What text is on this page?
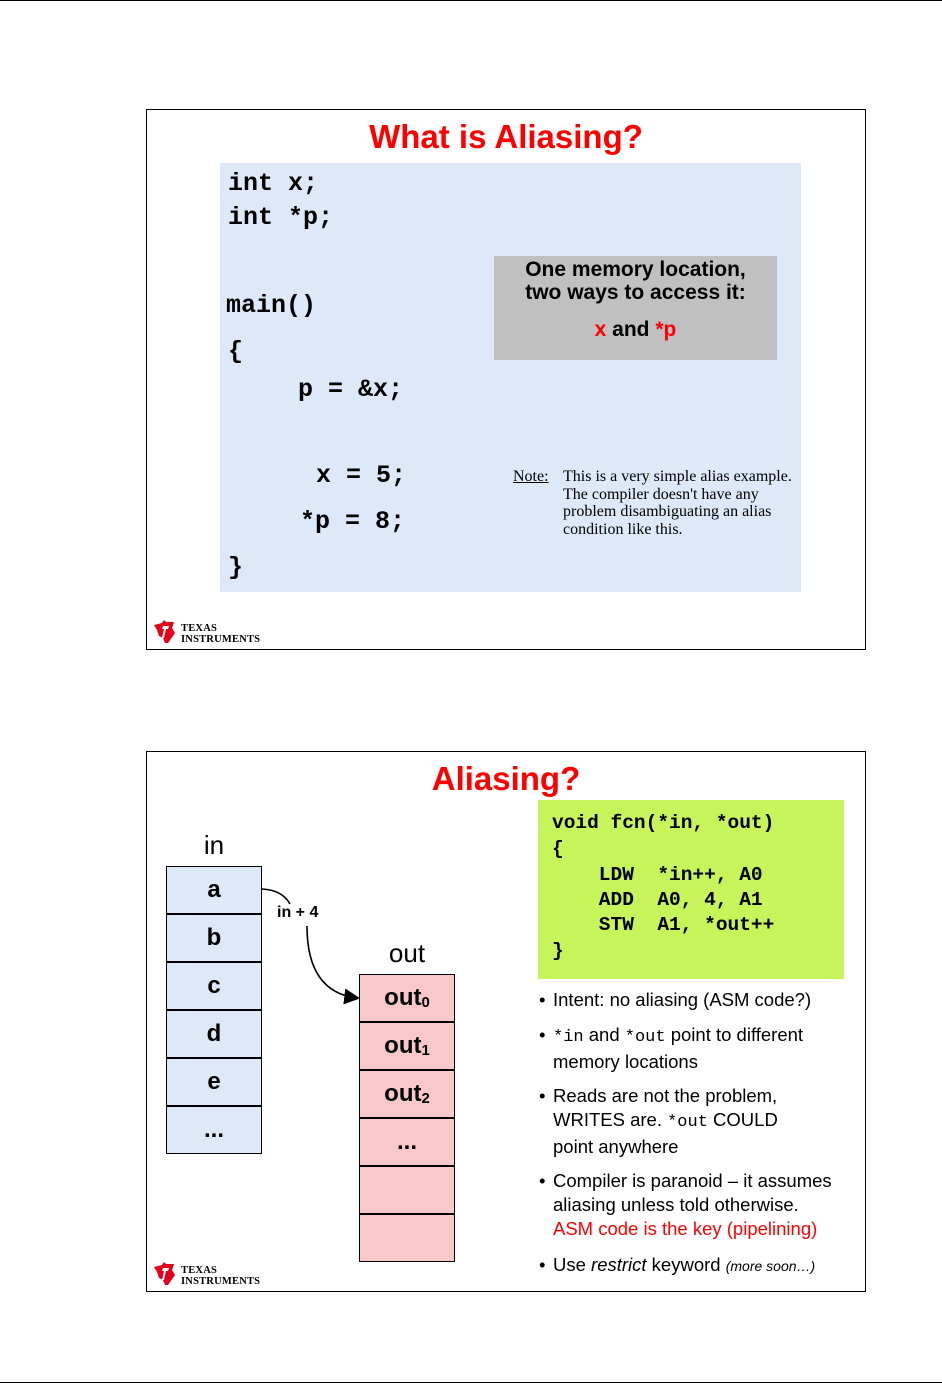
What is Aliasing?
int x;
int *p;
main()
{
p = &x;
x = 5;
*p = 8;
}
One memory location,
two ways to access it:
x and *p
Note: This is a very simple alias example. The compiler doesn't have any problem disambiguating an alias condition like this.
TEXAS
INSTRUMENTS
Aliasing?
in
a
b
c
d
e
...
out
out$_0$
out$_1$
out$_2$
...
in + 4
void fcn(*in, *out)
{
LDW  *in++, A0
ADD  A0, 4, A1
STW  A1, *out++
}
• Intent: no aliasing (ASM code?)
• *in and *out point to different memory locations
• Reads are not the problem, WRITES are. *out COULD point anywhere
• Compiler is paranoid – it assumes aliasing unless told otherwise.
ASM code is the key (pipelining)
• Use restrict keyword (more soon…)
TEXAS
INSTRUMENTS
